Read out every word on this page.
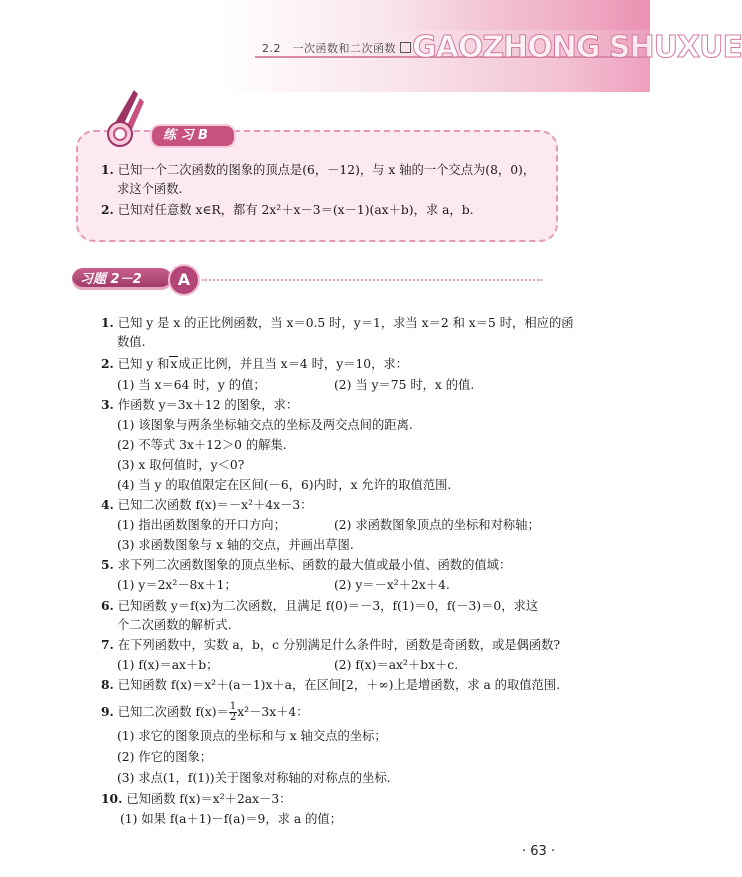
2.2　一次函数和二次函数 GAOZHONG SHUXUE
练 习 B
1. 已知一个二次函数的图象的顶点是(6，－12)，与 x 轴的一个交点为(8，0)，
求这个函数.
2. 已知对任意数 x∈R，都有 2x²＋x－3＝(x－1)(ax＋b)，求 a，b.
习题 2－2	A
1. 已知 y 是 x 的正比例函数，当 x＝0.5 时，y＝1，求当 x＝2 和 x＝5 时，相应的函
数值.
2. 已知 y 和x成正比例，并且当 x＝4 时，y＝10，求：
(1) 当 x＝64 时，y 的值；	(2) 当 y＝75 时，x 的值.
3. 作函数 y＝3x＋12 的图象，求：
(1) 该图象与两条坐标轴交点的坐标及两交点间的距离.
(2) 不等式 3x＋12＞0 的解集.
(3) x 取何值时，y＜0?
(4) 当 y 的取值限定在区间(－6，6)内时，x 允许的取值范围.
4. 已知二次函数 f(x)＝－x²＋4x－3：
(1) 指出函数图象的开口方向；	(2) 求函数图象顶点的坐标和对称轴；
(3) 求函数图象与 x 轴的交点，并画出草图.
5. 求下列二次函数图象的顶点坐标、函数的最大值或最小值、函数的值域：
(1) y＝2x²－8x＋1；	(2) y＝－x²＋2x＋4.
6. 已知函数 y＝f(x)为二次函数，且满足 f(0)＝－3，f(1)＝0，f(－3)＝0，求这
个二次函数的解析式.
7. 在下列函数中，实数 a，b，c 分别满足什么条件时，函数是奇函数，或是偶函数?
(1) f(x)＝ax＋b；	(2) f(x)＝ax²＋bx＋c.
8. 已知函数 f(x)＝x²＋(a－1)x＋a，在区间[2，＋∞)上是增函数，求 a 的取值范围.
9. 已知二次函数 $f(x)= \frac{1}{2} x^2-3x+4$：
(1) 求它的图象顶点的坐标和与 x 轴交点的坐标；
(2) 作它的图象；
(3) 求点(1，f(1))关于图象对称轴的对称点的坐标.
10. 已知函数 f(x)＝x²＋2ax－3：
(1) 如果 f(a＋1)－f(a)＝9，求 a 的值；
· 63 ·
